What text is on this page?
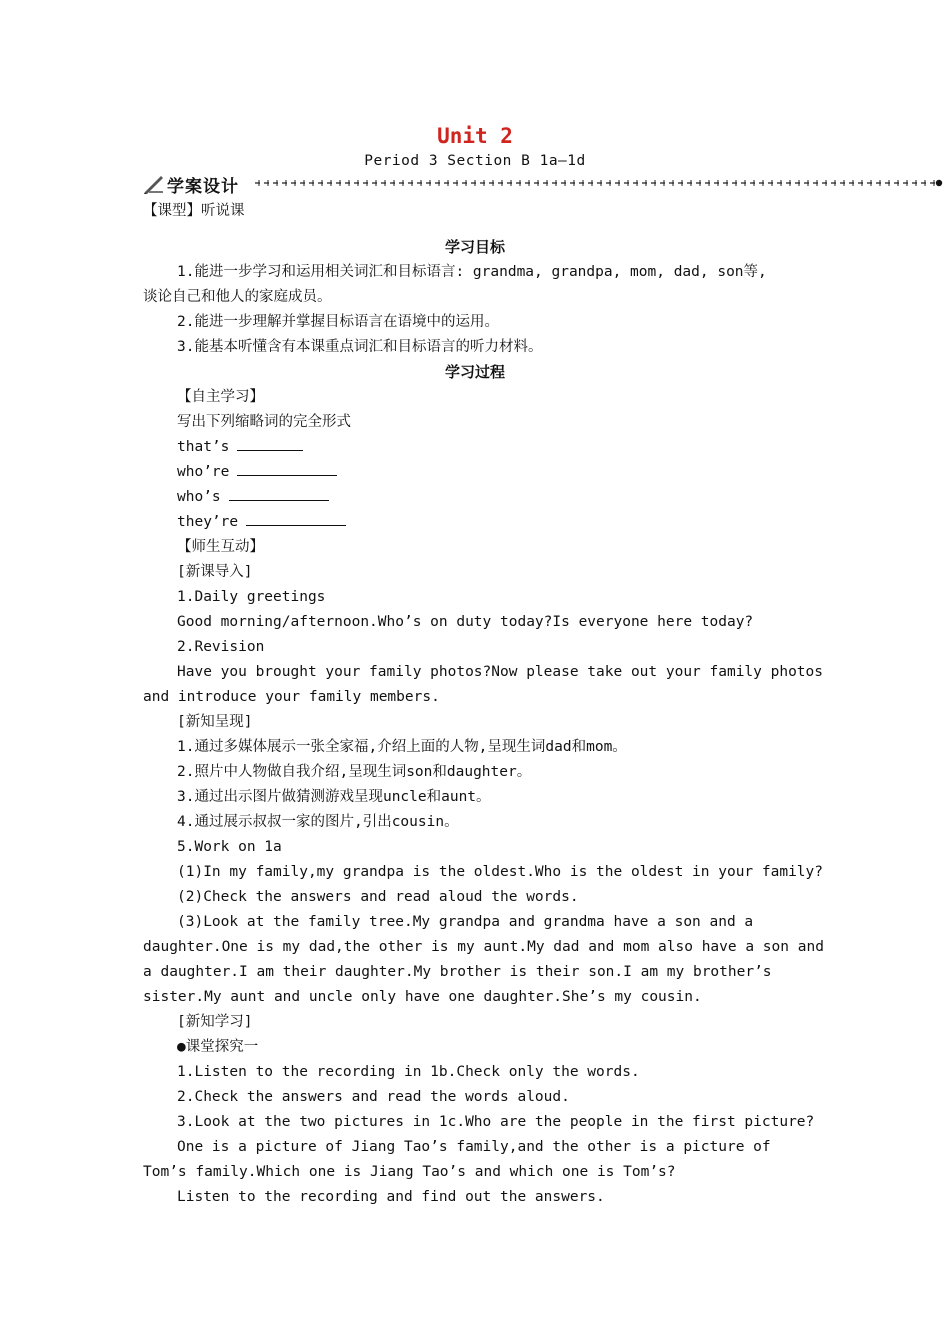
Unit 2
Period 3 Section B 1a—1d
学案设计
【课型】听说课
学习目标
1.能进一步学习和运用相关词汇和目标语言: grandma, grandpa, mom, dad, son等,
谈论自己和他人的家庭成员。
2.能进一步理解并掌握目标语言在语境中的运用。
3.能基本听懂含有本课重点词汇和目标语言的听力材料。
学习过程
【自主学习】
写出下列缩略词的完全形式
that’s
who’re
who’s
they’re
【师生互动】
[新课导入]
1.Daily greetings
Good morning/afternoon.Who’s on duty today?Is everyone here today?
2.Revision
Have you brought your family photos?Now please take out your family photos
and introduce your family members.
[新知呈现]
1.通过多媒体展示一张全家福,介绍上面的人物,呈现生词dad和mom。
2.照片中人物做自我介绍,呈现生词son和daughter。
3.通过出示图片做猜测游戏呈现uncle和aunt。
4.通过展示叔叔一家的图片,引出cousin。
5.Work on 1a
(1)In my family,my grandpa is the oldest.Who is the oldest in your family?
(2)Check the answers and read aloud the words.
(3)Look at the family tree.My grandpa and grandma have a son and a
daughter.One is my dad,the other is my aunt.My dad and mom also have a son and
a daughter.I am their daughter.My brother is their son.I am my brother’s
sister.My aunt and uncle only have one daughter.She’s my cousin.
[新知学习]
●课堂探究一
1.Listen to the recording in 1b.Check only the words.
2.Check the answers and read the words aloud.
3.Look at the two pictures in 1c.Who are the people in the first picture?
One is a picture of Jiang Tao’s family,and the other is a picture of
Tom’s family.Which one is Jiang Tao’s and which one is Tom’s?
Listen to the recording and find out the answers.
